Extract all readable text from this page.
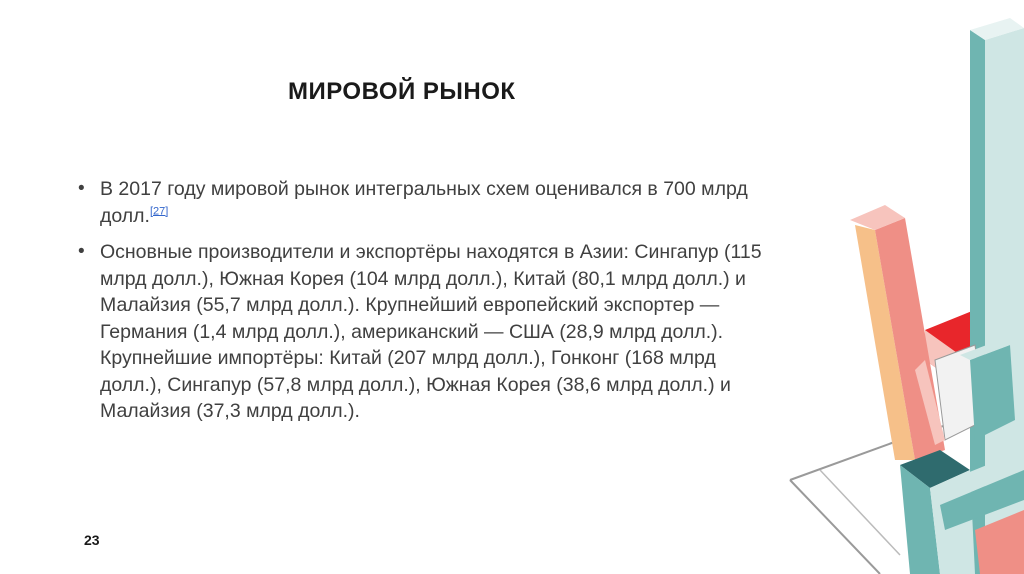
МИРОВОЙ РЫНОК
• В 2017 году мировой рынок интегральных схем оценивался в 700 млрд долл.[27]
• Основные производители и экспортёры находятся в Азии: Сингапур (115 млрд долл.), Южная Корея (104 млрд долл.), Китай (80,1 млрд долл.) и Малайзия (55,7 млрд долл.). Крупнейший европейский экспортер — Германия (1,4 млрд долл.), американский — США (28,9 млрд долл.). Крупнейшие импортёры: Китай (207 млрд долл.), Гонконг (168 млрд долл.), Сингапур (57,8 млрд долл.), Южная Корея (38,6 млрд долл.) и Малайзия (37,3 млрд долл.).
23
